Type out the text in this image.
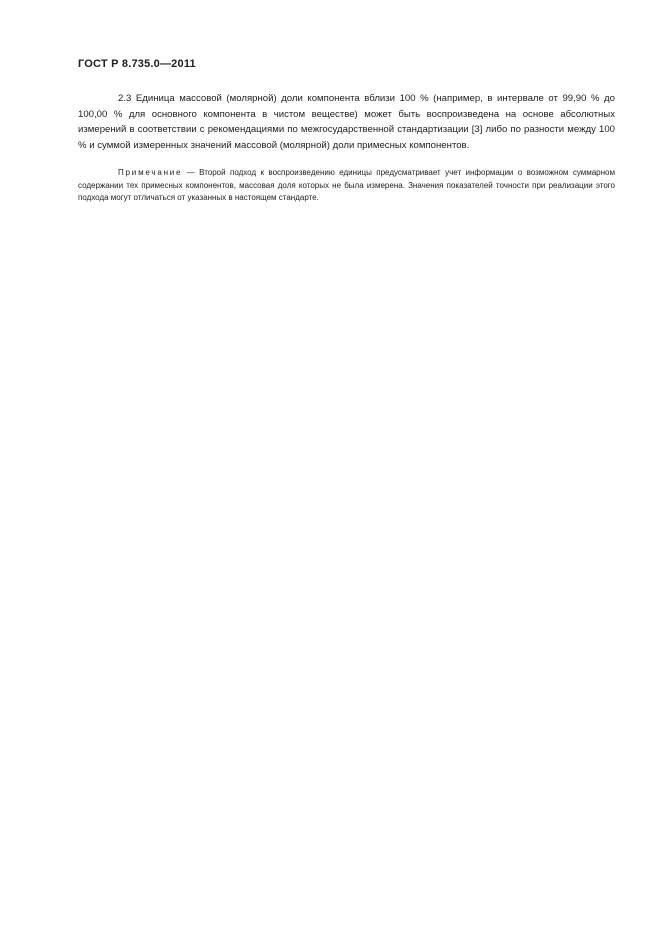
ГОСТ Р 8.735.0—2011

2.3 Единица массовой (молярной) доли компонента вблизи 100 % (например, в интервале от 99,90 % до 100,00 % для основного компонента в чистом веществе) может быть воспроизведена на основе абсолютных измерений в соответствии с рекомендациями по межгосударственной стандартизации [3] либо по разности между 100 % и суммой измеренных значений массовой (молярной) доли примесных компонентов.

Примечание — Второй подход к воспроизведению единицы предусматривает учет информации о возможном суммарном содержании тех примесных компонентов, массовая доля которых не была измерена. Значения показателей точности при реализации этого подхода могут отличаться от указанных в настоящем стандарте.
